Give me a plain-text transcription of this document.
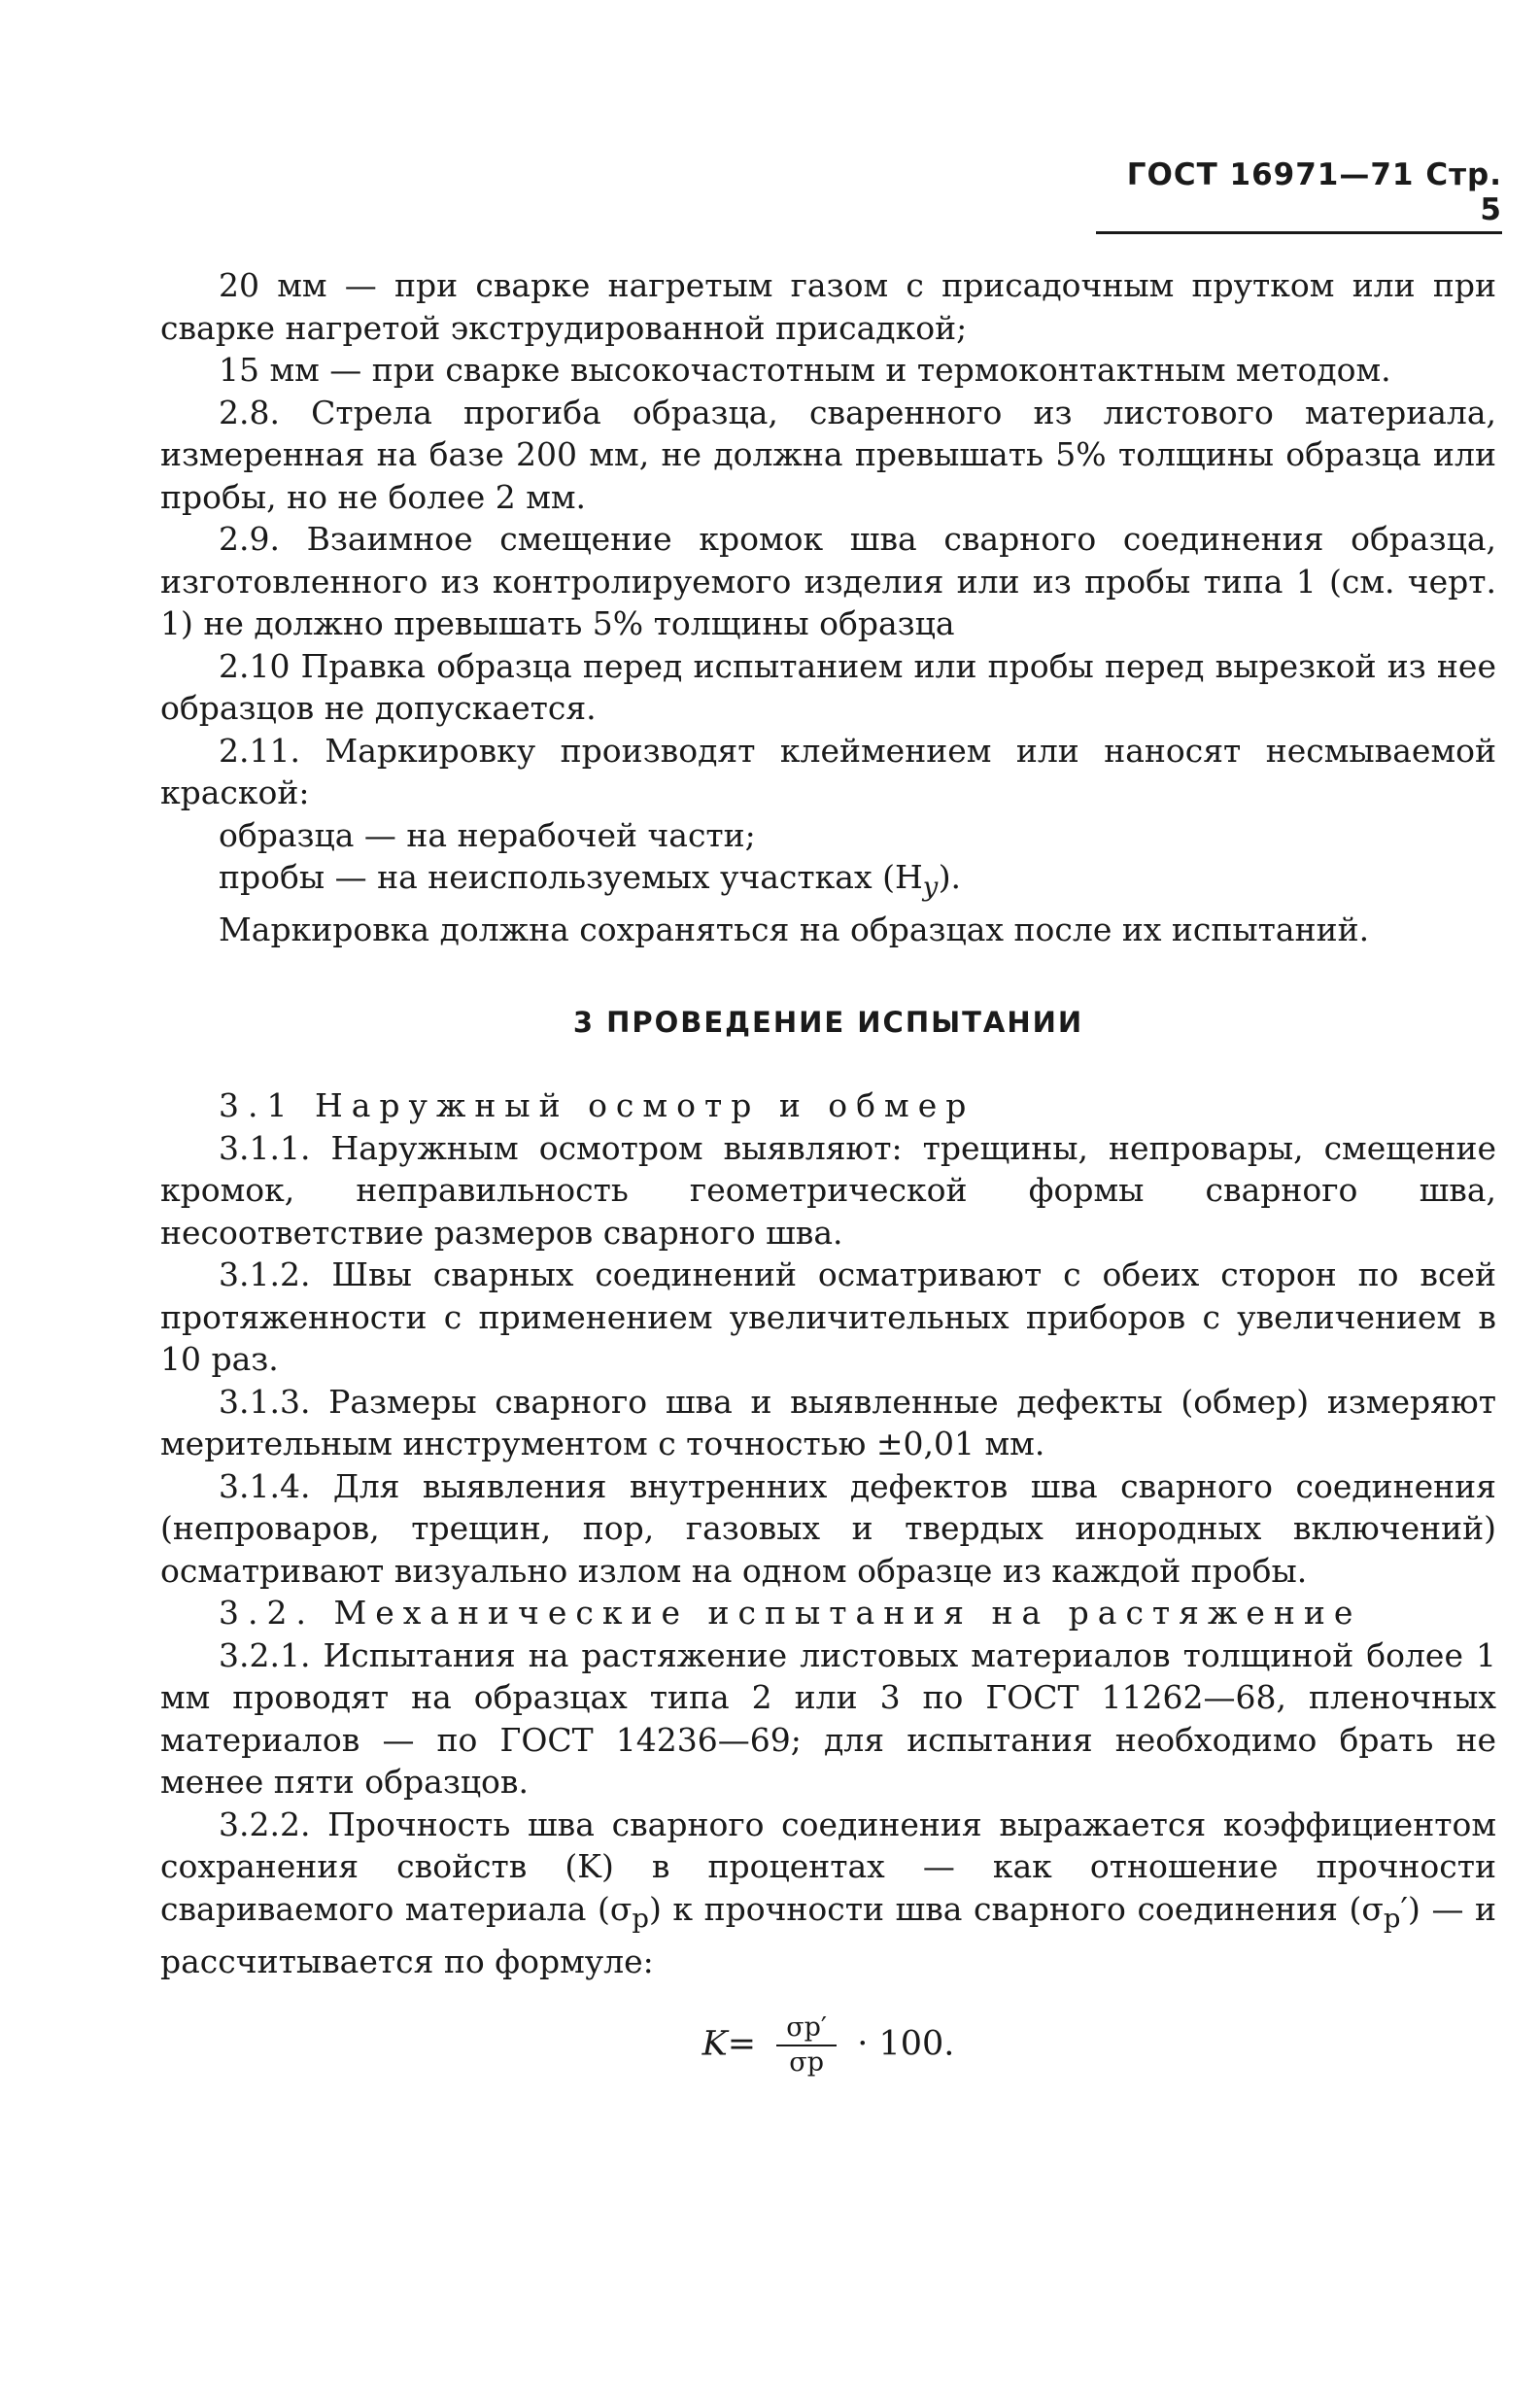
ГОСТ 16971—71 Стр. 5

20 мм — при сварке нагретым газом с присадочным прутком или при сварке нагретой экструдированной присадкой;

15 мм — при сварке высокочастотным и термоконтактным методом.

2.8. Стрела прогиба образца, сваренного из листового материала, измеренная на базе 200 мм, не должна превышать 5% толщины образца или пробы, но не более 2 мм.

2.9. Взаимное смещение кромок шва сварного соединения образца, изготовленного из контролируемого изделия или из пробы типа 1 (см. черт. 1) не должно превышать 5% толщины образца

2.10 Правка образца перед испытанием или пробы перед вырезкой из нее образцов не допускается.

2.11. Маркировку производят клеймением или наносят несмываемой краской:

образца — на нерабочей части;

пробы — на неиспользуемых участках $(Н_у)$.

Маркировка должна сохраняться на образцах после их испытаний.

3 ПРОВЕДЕНИЕ ИСПЫТАНИИ

3.1 Наружный осмотр и обмер

3.1.1. Наружным осмотром выявляют: трещины, непровары, смещение кромок, неправильность геометрической формы сварного шва, несоответствие размеров сварного шва.

3.1.2. Швы сварных соединений осматривают с обеих сторон по всей протяженности с применением увеличительных приборов с увеличением в 10 раз.

3.1.3. Размеры сварного шва и выявленные дефекты (обмер) измеряют мерительным инструментом с точностью ±0,01 мм.

3.1.4. Для выявления внутренних дефектов шва сварного соединения (непроваров, трещин, пор, газовых и твердых инородных включений) осматривают визуально излом на одном образце из каждой пробы.

3.2. Механические испытания на растяжение

3.2.1. Испытания на растяжение листовых материалов толщиной более 1 мм проводят на образцах типа 2 или 3 по ГОСТ 11262—68, пленочных материалов — по ГОСТ 14236—69; для испытания необходимо брать не менее пяти образцов.

3.2.2. Прочность шва сварного соединения выражается коэффициентом сохранения свойств (K) в процентах — как отношение прочности свариваемого материала $(\sigma_р)$ к прочности шва сварного соединения $(\sigma_р')$ — и рассчитывается по формуле:

$K= \frac{\sigma р'}{\sigma р} \cdot 100$.
